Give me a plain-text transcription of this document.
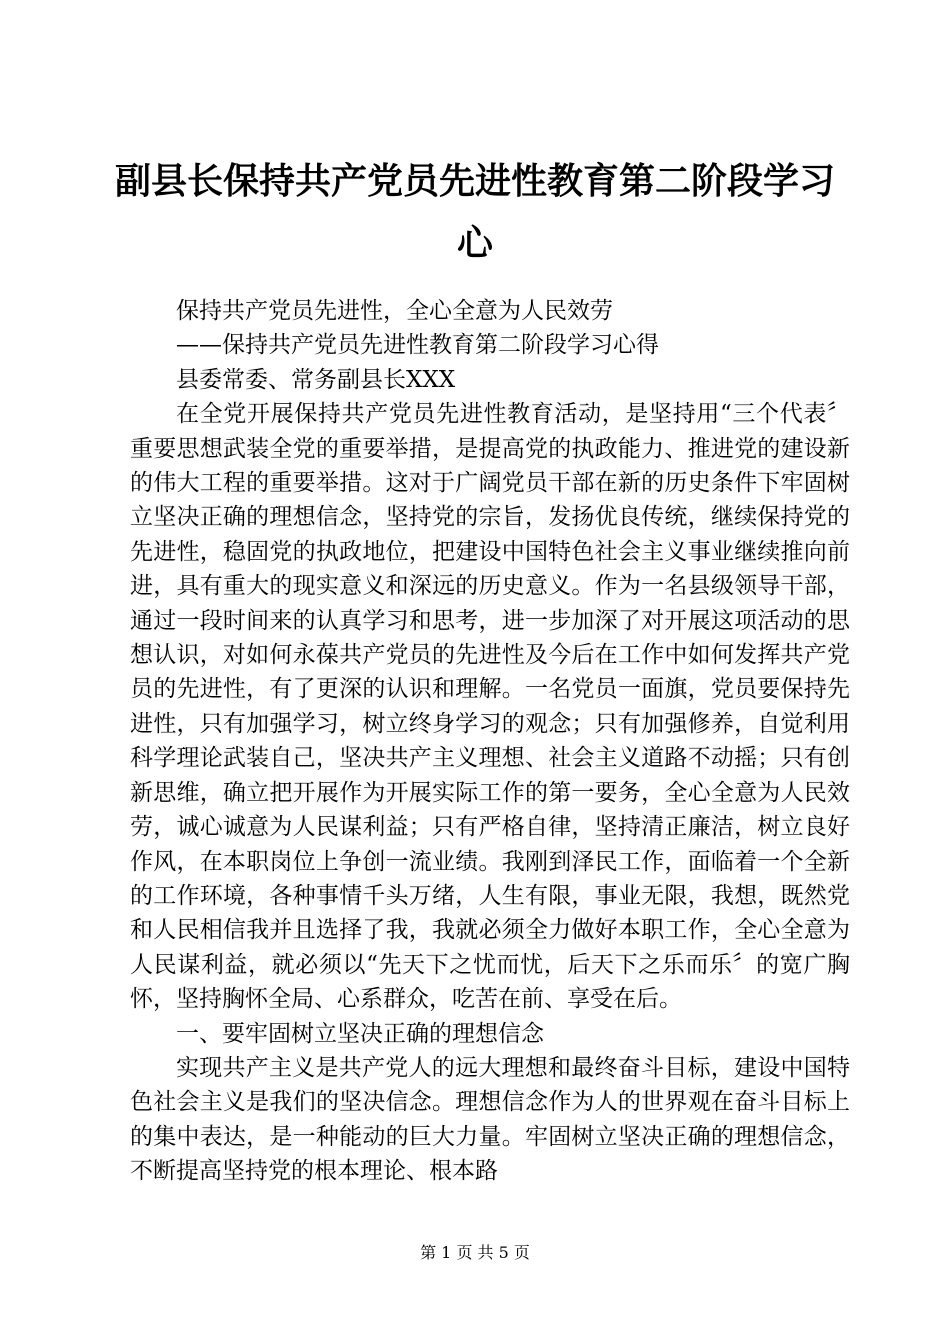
副县长保持共产党员先进性教育第二阶段学习
心

保持共产党员先进性，全心全意为人民效劳

——保持共产党员先进性教育第二阶段学习心得

县委常委、常务副县长XXX

在全党开展保持共产党员先进性教育活动，是坚持用“三个代表〞重要思想武装全党的重要举措，是提高党的执政能力、推进党的建设新的伟大工程的重要举措。这对于广阔党员干部在新的历史条件下牢固树立坚决正确的理想信念，坚持党的宗旨，发扬优良传统，继续保持党的先进性，稳固党的执政地位，把建设中国特色社会主义事业继续推向前进，具有重大的现实意义和深远的历史意义。作为一名县级领导干部，通过一段时间来的认真学习和思考，进一步加深了对开展这项活动的思想认识，对如何永葆共产党员的先进性及今后在工作中如何发挥共产党员的先进性，有了更深的认识和理解。一名党员一面旗，党员要保持先进性，只有加强学习，树立终身学习的观念；只有加强修养，自觉利用科学理论武装自己，坚决共产主义理想、社会主义道路不动摇；只有创新思维，确立把开展作为开展实际工作的第一要务，全心全意为人民效劳，诚心诚意为人民谋利益；只有严格自律，坚持清正廉洁，树立良好作风，在本职岗位上争创一流业绩。我刚到泽民工作，面临着一个全新的工作环境，各种事情千头万绪，人生有限，事业无限，我想，既然党和人民相信我并且选择了我，我就必须全力做好本职工作，全心全意为人民谋利益，就必须以“先天下之忧而忧，后天下之乐而乐〞的宽广胸怀，坚持胸怀全局、心系群众，吃苦在前、享受在后。

一、要牢固树立坚决正确的理想信念

实现共产主义是共产党人的远大理想和最终奋斗目标，建设中国特色社会主义是我们的坚决信念。理想信念作为人的世界观在奋斗目标上的集中表达，是一种能动的巨大力量。牢固树立坚决正确的理想信念，不断提高坚持党的根本理论、根本路

第 1 页 共 5 页
